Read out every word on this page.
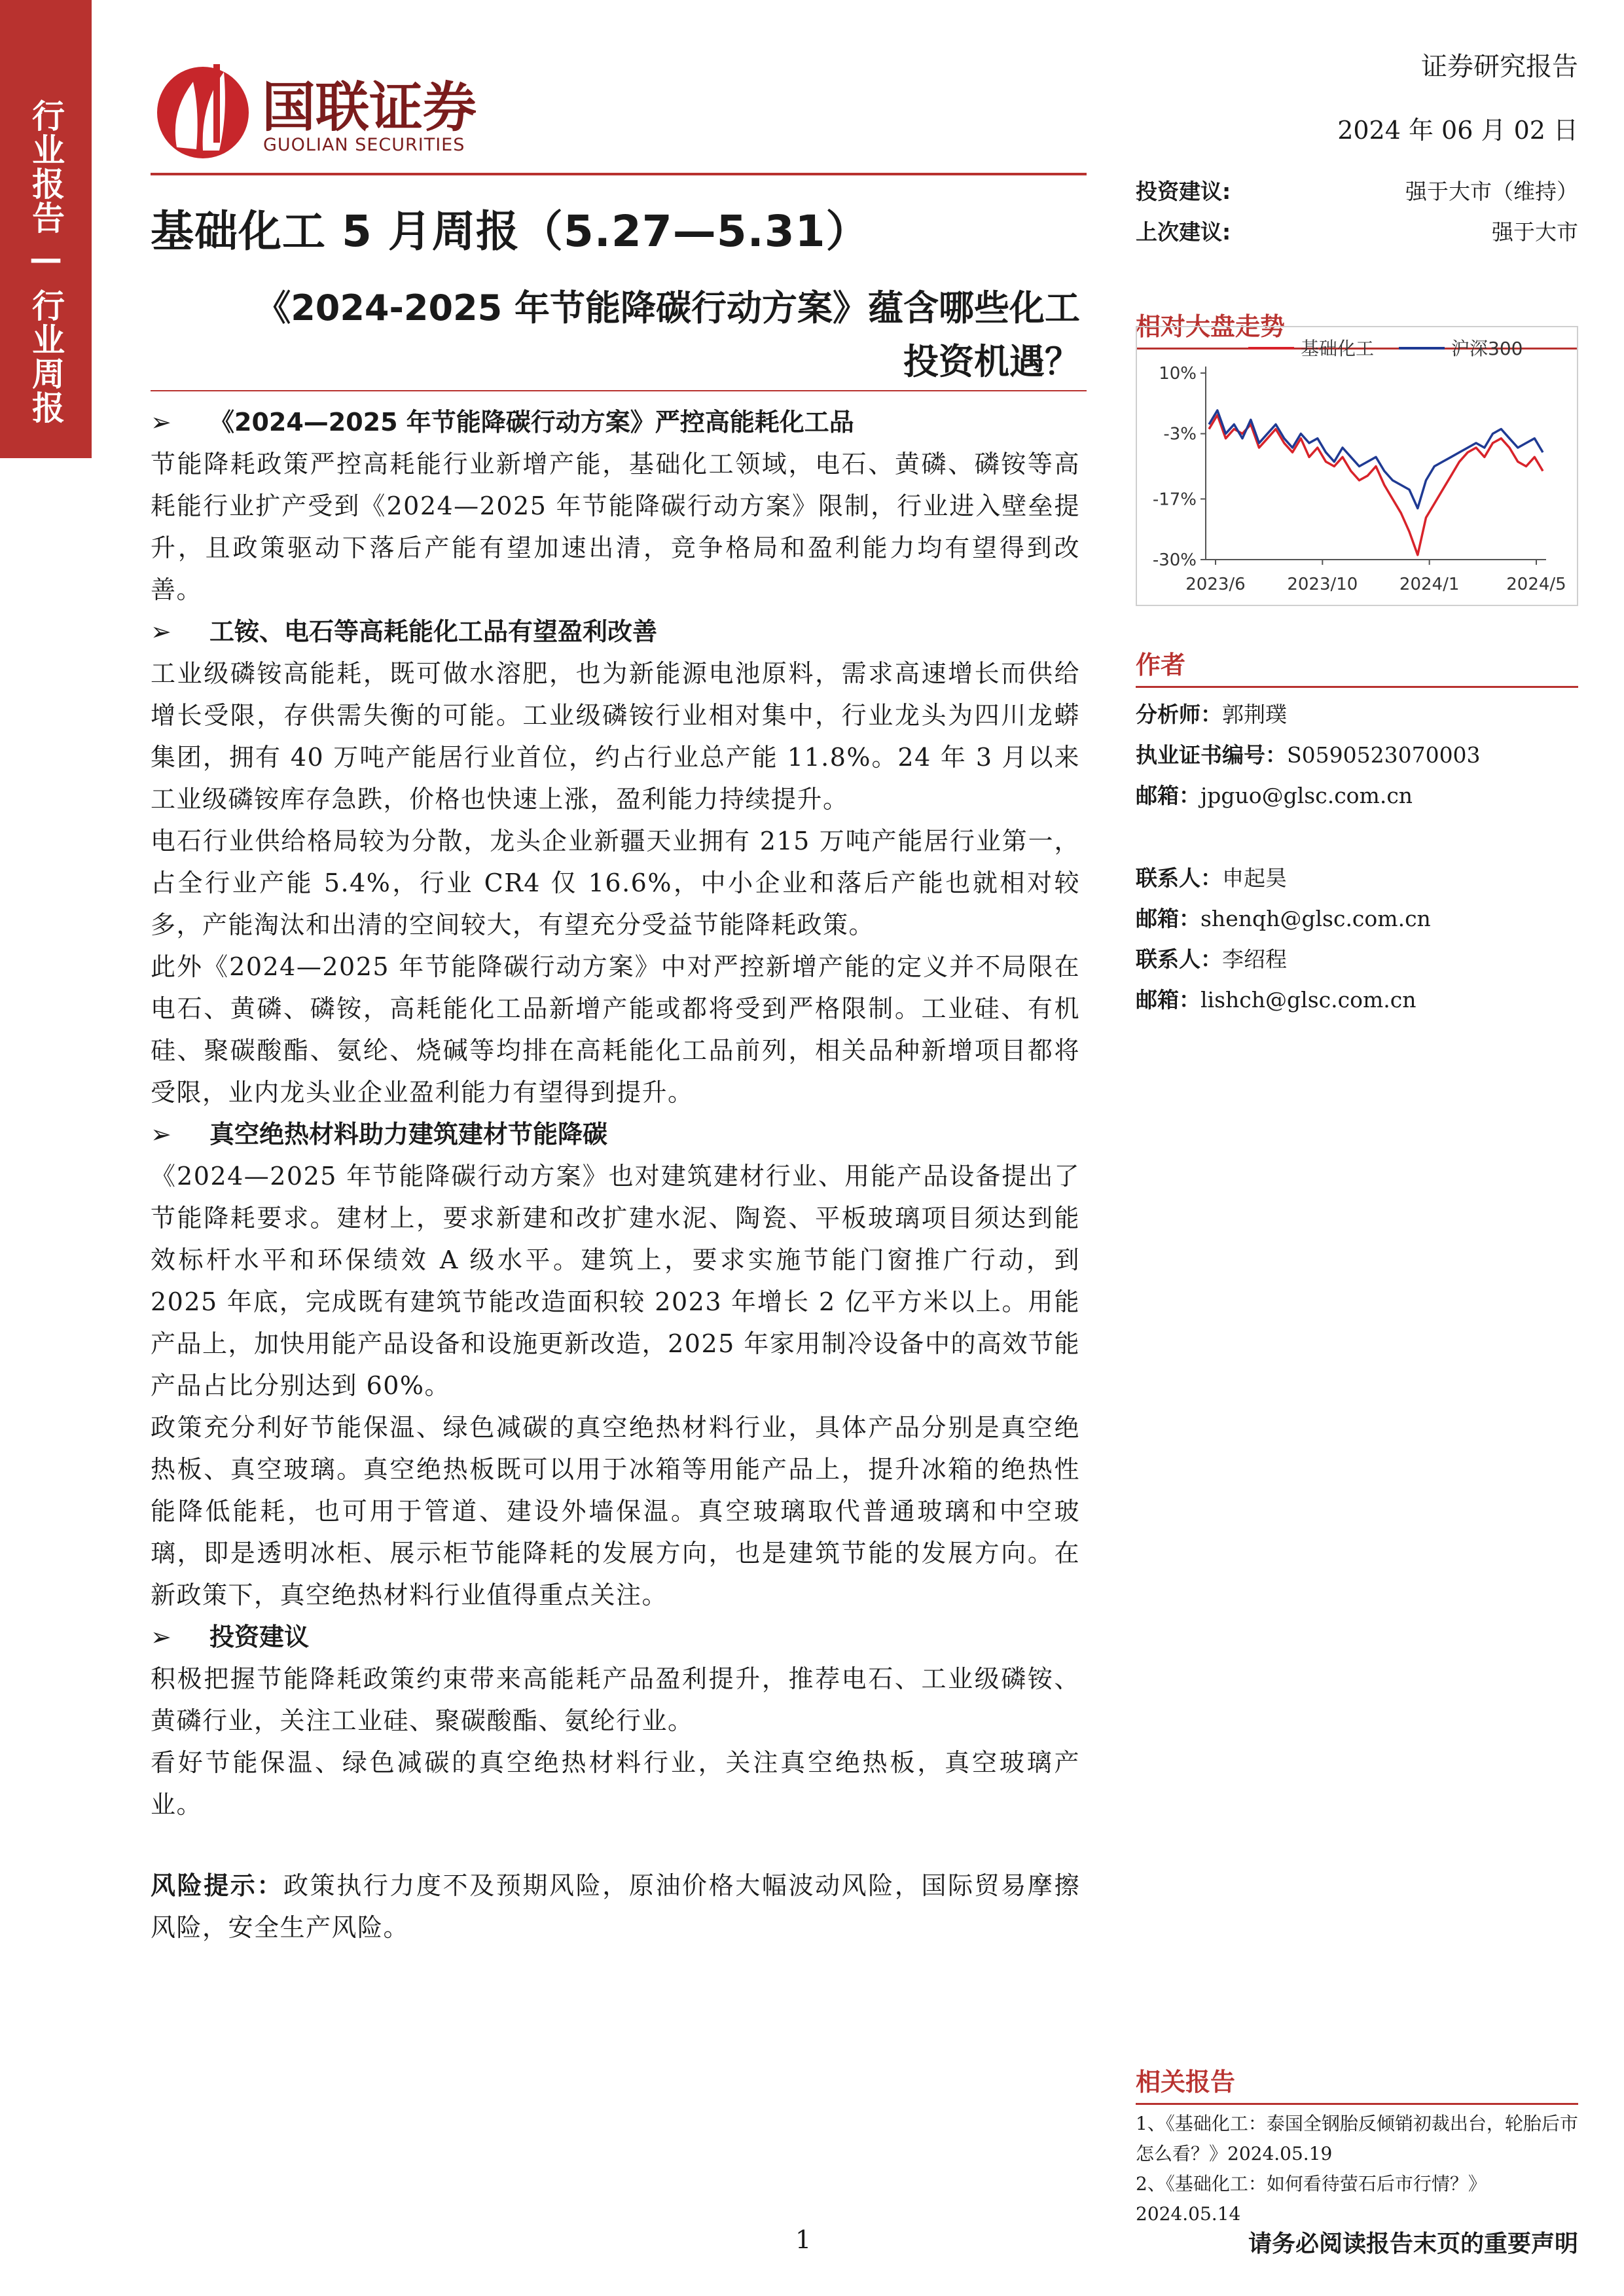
行业报告
—
行业周报
国联证券
GUOLIAN SECURITIES
证券研究报告
2024 年 06 月 02 日
基础化工 5 月周报（5.27—5.31）
《2024-2025 年节能降碳行动方案》蕴含哪些化工
投资机遇？
➢ 《2024—2025 年节能降碳行动方案》严控高能耗化工品

节能降耗政策严控高耗能行业新增产能，基础化工领域，电石、黄磷、磷铵等高耗能行业扩产受到《2024—2025 年节能降碳行动方案》限制，行业进入壁垒提升，且政策驱动下落后产能有望加速出清，竞争格局和盈利能力均有望得到改善。

➢ 工铵、电石等高耗能化工品有望盈利改善

工业级磷铵高能耗，既可做水溶肥，也为新能源电池原料，需求高速增长而供给增长受限，存供需失衡的可能。工业级磷铵行业相对集中，行业龙头为四川龙蟒集团，拥有 40 万吨产能居行业首位，约占行业总产能 11.8%。24 年 3 月以来工业级磷铵库存急跌，价格也快速上涨，盈利能力持续提升。

电石行业供给格局较为分散，龙头企业新疆天业拥有 215 万吨产能居行业第一，占全行业产能 5.4%，行业 CR4 仅 16.6%，中小企业和落后产能也就相对较多，产能淘汰和出清的空间较大，有望充分受益节能降耗政策。

此外《2024—2025 年节能降碳行动方案》中对严控新增产能的定义并不局限在电石、黄磷、磷铵，高耗能化工品新增产能或都将受到严格限制。工业硅、有机硅、聚碳酸酯、氨纶、烧碱等均排在高耗能化工品前列，相关品种新增项目都将受限，业内龙头业企业盈利能力有望得到提升。

➢ 真空绝热材料助力建筑建材节能降碳

《2024—2025 年节能降碳行动方案》也对建筑建材行业、用能产品设备提出了节能降耗要求。建材上，要求新建和改扩建水泥、陶瓷、平板玻璃项目须达到能效标杆水平和环保绩效 A 级水平。建筑上，要求实施节能门窗推广行动，到 2025 年底，完成既有建筑节能改造面积较 2023 年增长 2 亿平方米以上。用能产品上，加快用能产品设备和设施更新改造，2025 年家用制冷设备中的高效节能产品占比分别达到 60%。

政策充分利好节能保温、绿色减碳的真空绝热材料行业，具体产品分别是真空绝热板、真空玻璃。真空绝热板既可以用于冰箱等用能产品上，提升冰箱的绝热性能降低能耗，也可用于管道、建设外墙保温。真空玻璃取代普通玻璃和中空玻璃，即是透明冰柜、展示柜节能降耗的发展方向，也是建筑节能的发展方向。在新政策下，真空绝热材料行业值得重点关注。

➢ 投资建议

积极把握节能降耗政策约束带来高能耗产品盈利提升，推荐电石、工业级磷铵、黄磷行业，关注工业硅、聚碳酸酯、氨纶行业。

看好节能保温、绿色减碳的真空绝热材料行业，关注真空绝热板，真空玻璃产业。

风险提示：政策执行力度不及预期风险，原油价格大幅波动风险，国际贸易摩擦风险，安全生产风险。

投资建议:	强于大市（维持）
上次建议:	强于大市
相对大盘走势
基础化工	沪深300
10%
-3%
-17%
-30%
2023/6 2023/10 2024/1	2024/5
作者
分析师：郭荆璞
执业证书编号：S0590523070003
邮箱：jpguo@glsc.com.cn
联系人：申起昊
邮箱：shenqh@glsc.com.cn
联系人：李绍程
邮箱：lishch@glsc.com.cn
相关报告
1、《基础化工：泰国全钢胎反倾销初裁出台，轮胎后市怎么看？》2024.05.19
2、《基础化工：如何看待萤石后市行情？》2024.05.14
1	请务必阅读报告末页的重要声明
